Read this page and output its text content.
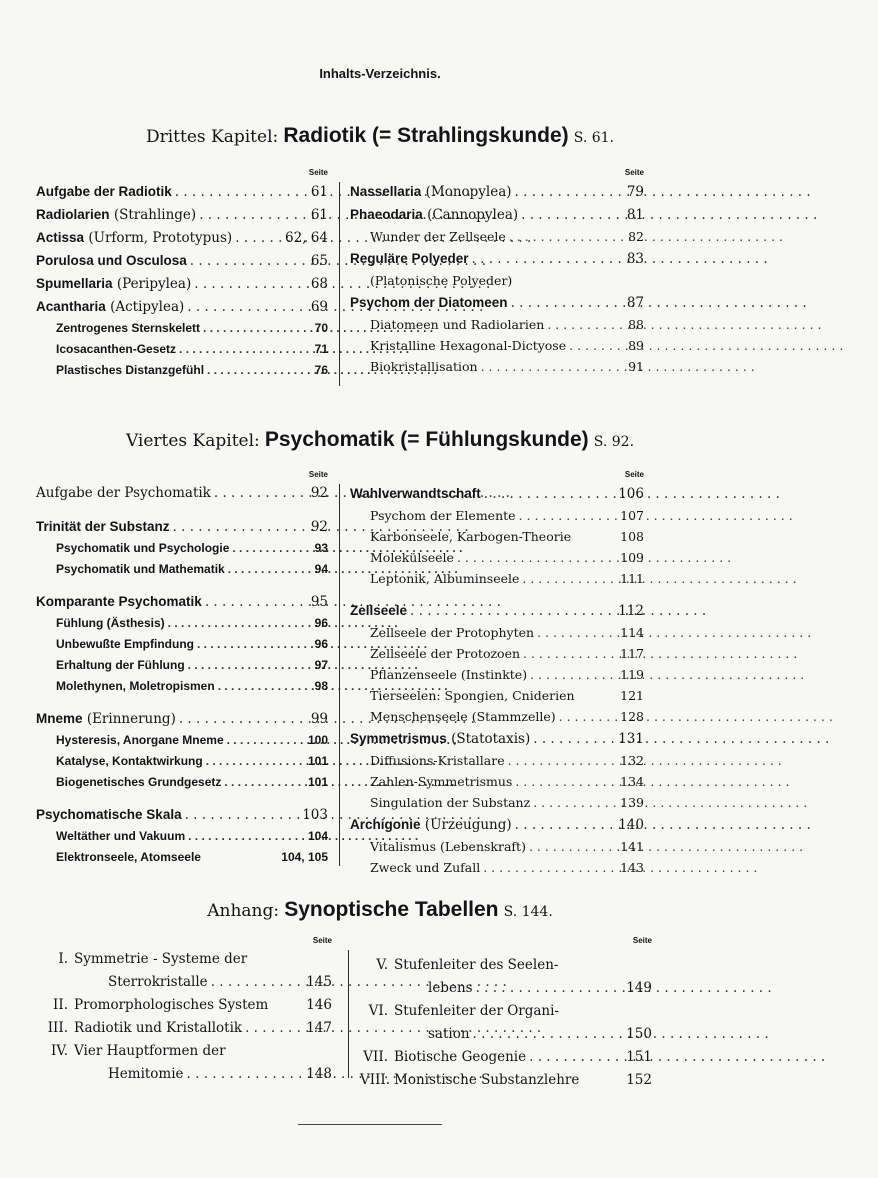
Inhalts-Verzeichnis.
Drittes Kapitel: Radiotik (= Strahlingskunde) S. 61.
Seite
Aufgabe der Radiotik . . .	61
Radiolarien (Strahlinge) . . .	61
Actissa (Urform, Prototypus) . . .	62, 64
Porulosa und Osculosa . . .	65
Spumellaria (Peripylea) . . .	68
Acantharia (Actipylea) . . .	69
Zentrogenes Sternskelett . . .	70
Icosacanthen-Gesetz . . .	71
Plastisches Distanzgefühl . . .	76
Seite
Nassellaria (Monopylea) . . .	79
Phaeodaria (Cannopylea) . . .	81
Wunder der Zellseele . . .	82
Reguläre Polyeder . . .	83
(Platonische Polyeder)
Psychom der Diatomeen . . .	87
Diatomeen und Radiolarien . . .	88
Kristalline Hexagonal-Dictyose . . .	89
Biokristallisation . . .	91
Viertes Kapitel: Psychomatik (= Fühlungskunde) S. 92.
Seite
Aufgabe der Psychomatik . . .	92
Trinität der Substanz . . .	92
Psychomatik und Psychologie . . .	93
Psychomatik und Mathematik . . .	94
Komparante Psychomatik . . .	95
Fühlung (Ästhesis) . . .	96
Unbewußte Empfindung . . .	96
Erhaltung der Fühlung . . .	97
Molethynen, Moletropismen . . .	98
Mneme (Erinnerung) . . .	99
Hysteresis, Anorgane Mneme . . .	100
Katalyse, Kontaktwirkung . . .	101
Biogenetisches Grundgesetz . . .	101
Psychomatische Skala . . .	103
Weltäther und Vakuum . . .	104
Elektronseele, Atomseele	104, 105
Seite
Wahlverwandtschaft . . .	106
Psychom der Elemente . . .	107
Karbonseele, Karbogen-Theorie	108
Molekülseele . . .	109
Leptonik, Albuminseele . . .	111
Zellseele . . .	112
Zellseele der Protophyten . . .	114
Zellseele der Protozoen . . .	117
Pflanzenseele (Instinkte) . . .	119
Tierseelen: Spongien, Cniderien	121
Menschenseele (Stammzelle) . . .	128
Symmetrismus (Statotaxis) . . .	131
Diffusions-Kristallare . . .	132
Zahlen-Symmetrismus . . .	134
Singulation der Substanz . . .	139
Archigonie (Urzeugung) . . .	140
Vitalismus (Lebenskraft) . . .	141
Zweck und Zufall . . .	143
Anhang: Synoptische Tabellen S. 144.
Seite
I. Symmetrie - Systeme der
Sterrokristalle . . .	145
II. Promorphologisches System	146
III. Radiotik und Kristallotik . . .	147
IV. Vier Hauptformen der
Hemitomie . . .	148
Seite
V. Stufenleiter des Seelen-
lebens . . .	149
VI. Stufenleiter der Organi-
sation . . .	150
VII. Biotische Geogenie . . .	151
VIII. Monistische Substanzlehre	152
